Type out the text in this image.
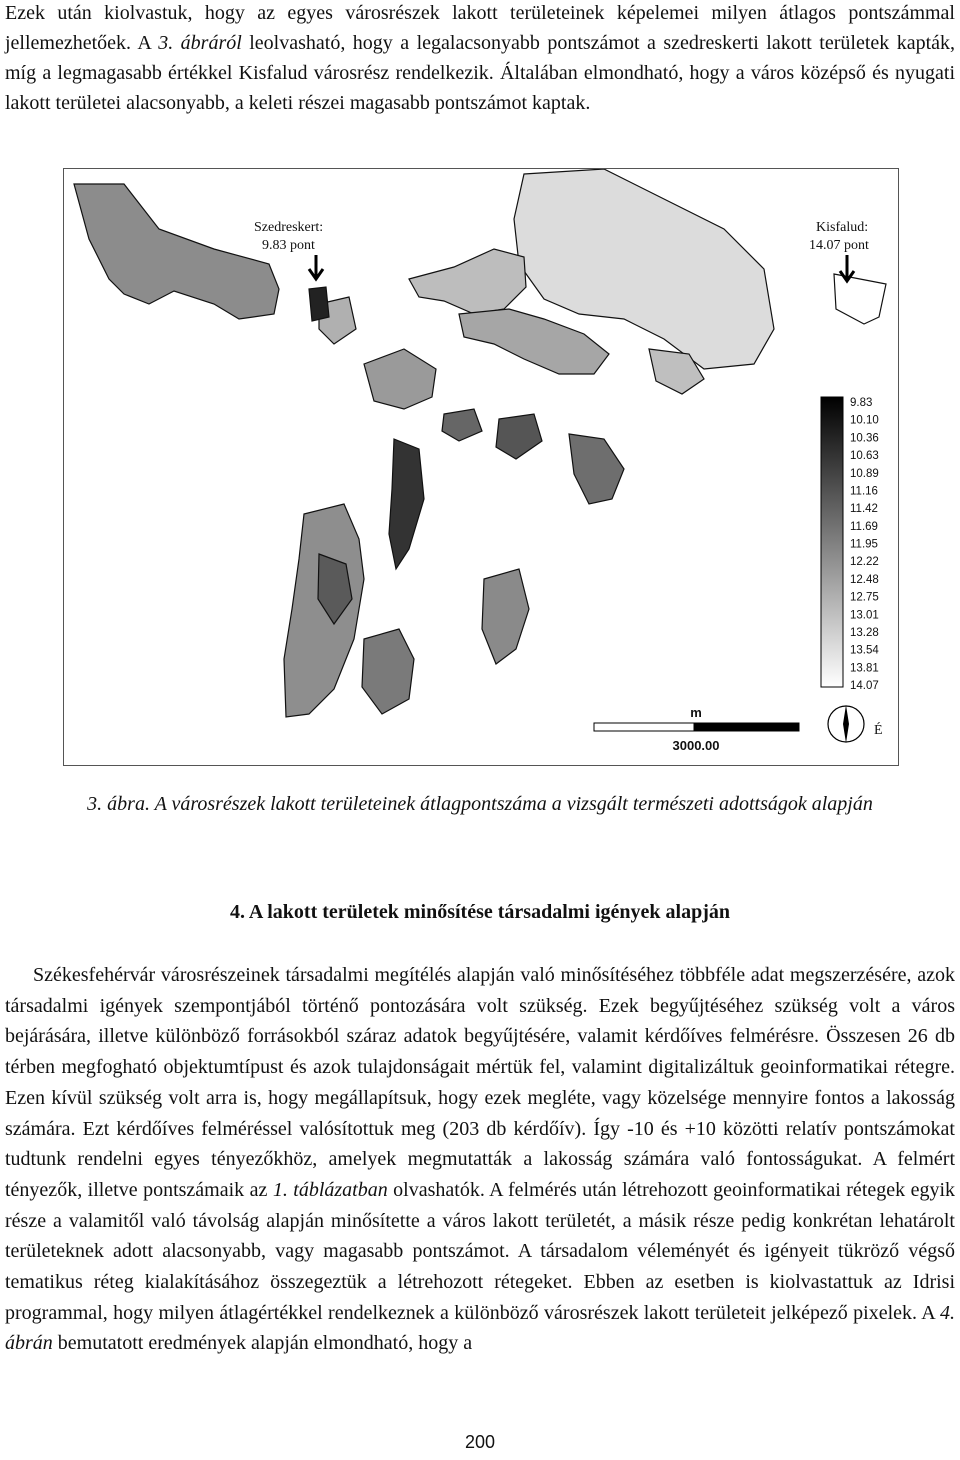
Ezek után kiolvastuk, hogy az egyes városrészek lakott területeinek képelemei milyen átlagos pontszámmal jellemezhetőek. A 3. ábráról leolvasható, hogy a legalacsonyabb pontszámot a szedreskerti lakott területek kapták, míg a legmagasabb értékkel Kisfalud városrész rendelkezik. Általában elmondható, hogy a város középső és nyugati lakott területei alacsonyabb, a keleti részei magasabb pontszámot kaptak.

Szedreskert:
9.83 pont
Kisfalud:
14.07 pont
9.83
10.10
10.36
10.63
10.89
11.16
11.42
11.69
11.95
12.22
12.48
12.75
13.01
13.28
13.54
13.81
14.07
m
3000.00
É
3. ábra. A városrészek lakott területeinek átlagpontszáma a vizsgált természeti adottságok alapján
4. A lakott területek minősítése társadalmi igények alapján

Székesfehérvár városrészeinek társadalmi megítélés alapján való minősítéséhez többféle adat megszerzésére, azok társadalmi igények szempontjából történő pontozására volt szükség. Ezek begyűjtéséhez szükség volt a város bejárására, illetve különböző forrásokból száraz adatok begyűjtésére, valamit kérdőíves felmérésre. Összesen 26 db térben megfogható objektumtípust és azok tulajdonságait mértük fel, valamint digitalizáltuk geoinformatikai rétegre. Ezen kívül szükség volt arra is, hogy megállapítsuk, hogy ezek megléte, vagy közelsége mennyire fontos a lakosság számára. Ezt kérdőíves felméréssel valósítottuk meg (203 db kérdőív). Így -10 és +10 közötti relatív pontszámokat tudtunk rendelni egyes tényezőkhöz, amelyek megmutatták a lakosság számára való fontosságukat. A felmért tényezők, illetve pontszámaik az 1. táblázatban olvashatók. A felmérés után létrehozott geoinformatikai rétegek egyik része a valamitől való távolság alapján minősítette a város lakott területét, a másik része pedig konkrétan lehatárolt területeknek adott alacsonyabb, vagy magasabb pontszámot. A társadalom véleményét és igényeit tükröző végső tematikus réteg kialakításához összegeztük a létrehozott rétegeket. Ebben az esetben is kiolvastattuk az Idrisi programmal, hogy milyen átlagértékkel rendelkeznek a különböző városrészek lakott területeit jelképező pixelek. A 4. ábrán bemutatott eredmények alapján elmondható, hogy a

200
